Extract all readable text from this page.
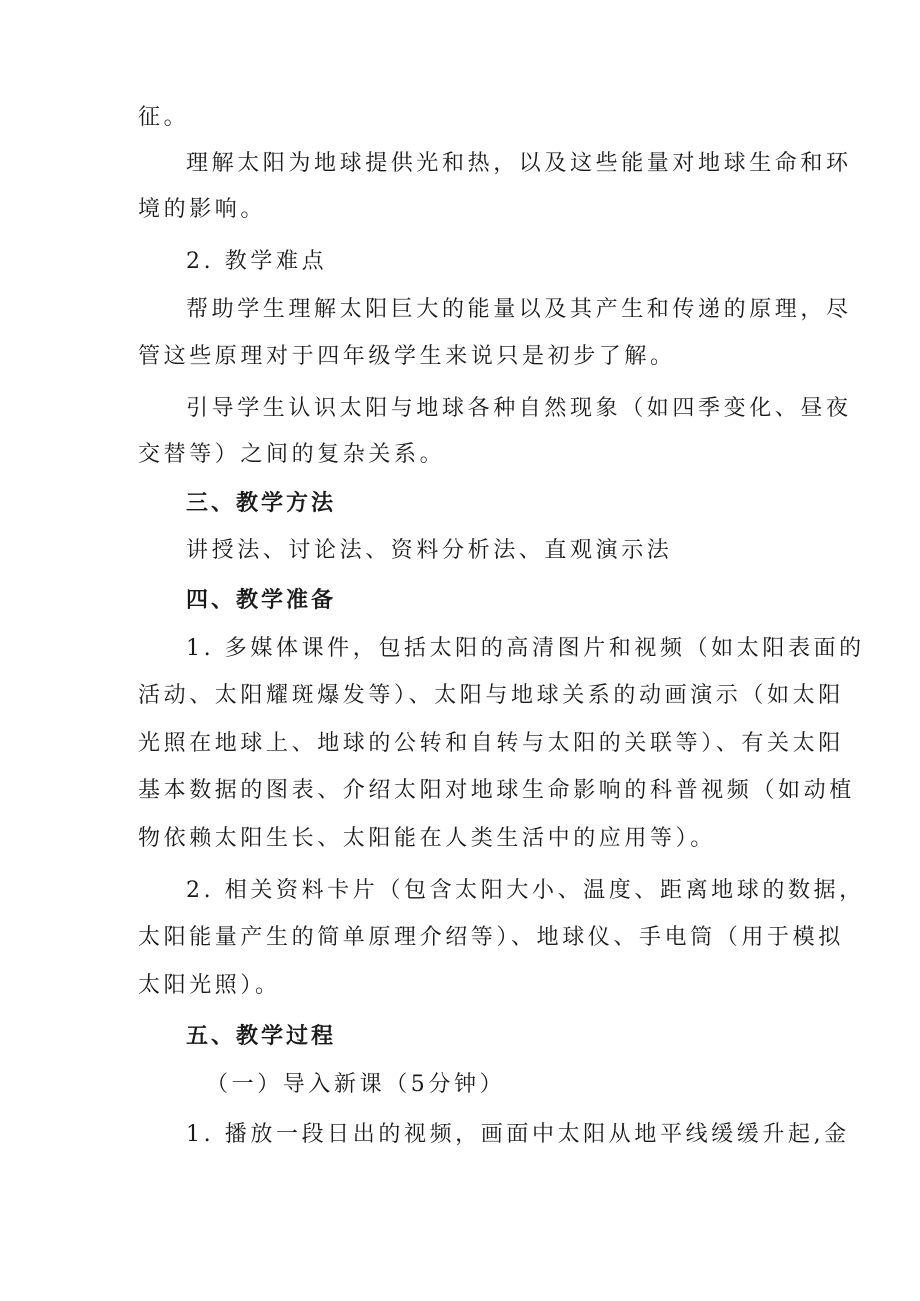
征。
理解太阳为地球提供光和热，以及这些能量对地球生命和环
境的影响。
2. 教学难点
帮助学生理解太阳巨大的能量以及其产生和传递的原理，尽
管这些原理对于四年级学生来说只是初步了解。
引导学生认识太阳与地球各种自然现象（如四季变化、昼夜
交替等）之间的复杂关系。
三、教学方法
讲授法、讨论法、资料分析法、直观演示法
四、教学准备
1. 多媒体课件，包括太阳的高清图片和视频（如太阳表面的
活动、太阳耀斑爆发等）、太阳与地球关系的动画演示（如太阳
光照在地球上、地球的公转和自转与太阳的关联等）、有关太阳
基本数据的图表、介绍太阳对地球生命影响的科普视频（如动植
物依赖太阳生长、太阳能在人类生活中的应用等）。
2. 相关资料卡片（包含太阳大小、温度、距离地球的数据，
太阳能量产生的简单原理介绍等）、地球仪、手电筒（用于模拟
太阳光照）。
五、教学过程
（一）导入新课（5分钟）
1. 播放一段日出的视频，画面中太阳从地平线缓缓升起,金
